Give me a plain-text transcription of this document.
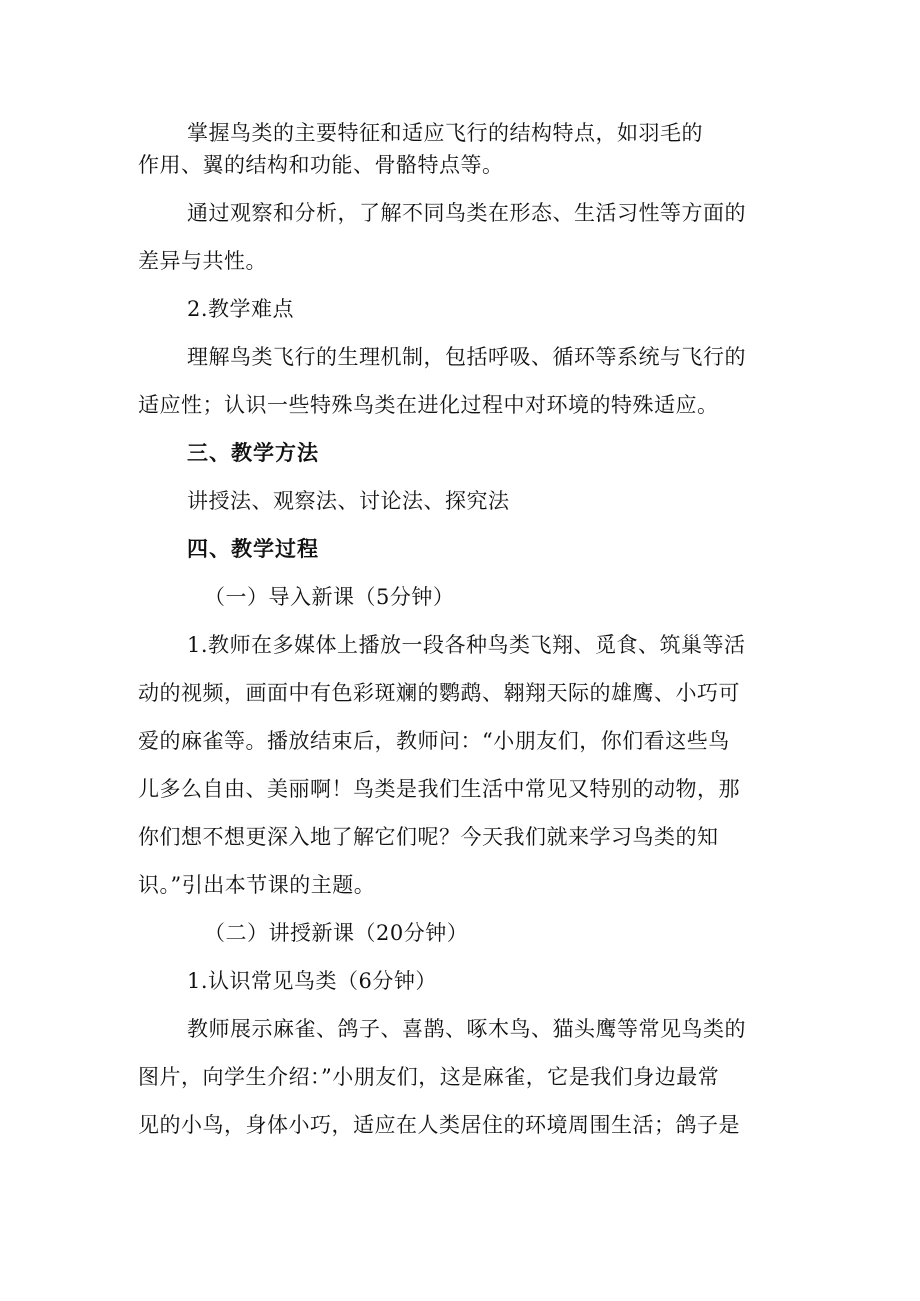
掌握鸟类的主要特征和适应飞行的结构特点，如羽毛的
作用、翼的结构和功能、骨骼特点等。
通过观察和分析，了解不同鸟类在形态、生活习性等方面的
差异与共性。
2.教学难点
理解鸟类飞行的生理机制，包括呼吸、循环等系统与飞行的
适应性；认识一些特殊鸟类在进化过程中对环境的特殊适应。
三、教学方法
讲授法、观察法、讨论法、探究法
四、教学过程
（一）导入新课（5分钟）
1.教师在多媒体上播放一段各种鸟类飞翔、觅食、筑巢等活
动的视频，画面中有色彩斑斓的鹦鹉、翱翔天际的雄鹰、小巧可
爱的麻雀等。播放结束后，教师问：“小朋友们，你们看这些鸟
儿多么自由、美丽啊！鸟类是我们生活中常见又特别的动物，那
你们想不想更深入地了解它们呢？今天我们就来学习鸟类的知
识。”引出本节课的主题。
（二）讲授新课（20分钟）
1.认识常见鸟类（6分钟）
教师展示麻雀、鸽子、喜鹊、啄木鸟、猫头鹰等常见鸟类的
图片，向学生介绍：”小朋友们，这是麻雀，它是我们身边最常
见的小鸟，身体小巧，适应在人类居住的环境周围生活；鸽子是
